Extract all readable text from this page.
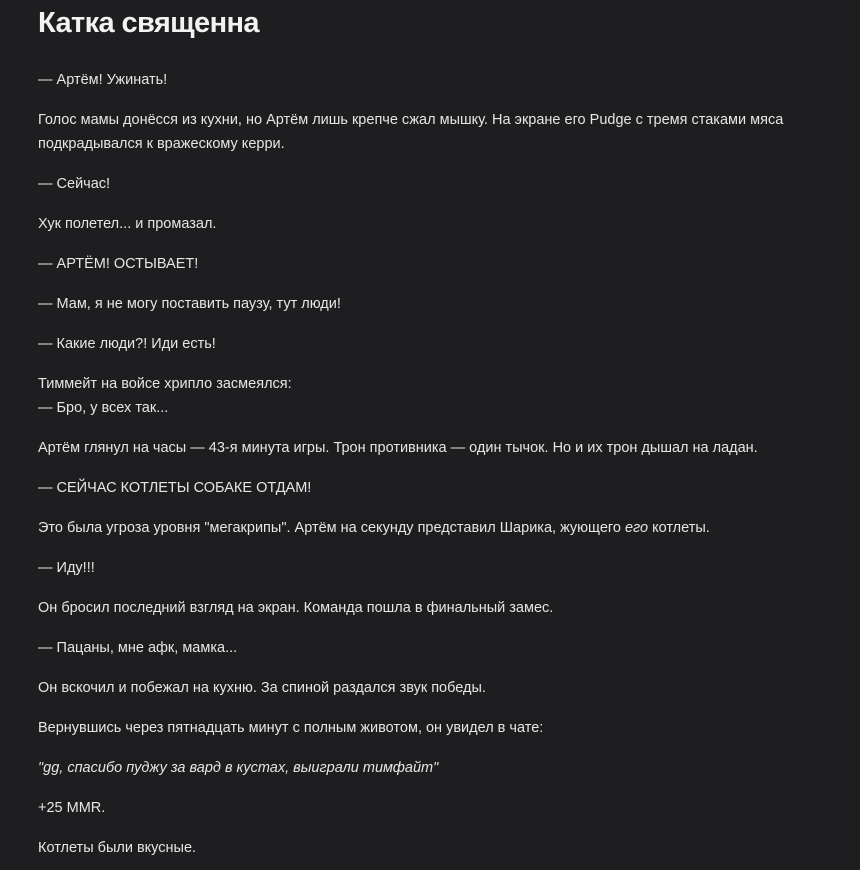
Катка священна

— Артём! Ужинать!

Голос мамы донёсся из кухни, но Артём лишь крепче сжал мышку. На экране его Pudge с тремя стаками мяса подкрадывался к вражескому керри.

— Сейчас!

Хук полетел... и промазал.

— АРТЁМ! ОСТЫВАЕТ!

— Мам, я не могу поставить паузу, тут люди!

— Какие люди?! Иди есть!

Тиммейт на войсе хрипло засмеялся:
— Бро, у всех так...

Артём глянул на часы — 43-я минута игры. Трон противника — один тычок. Но и их трон дышал на ладан.

— СЕЙЧАС КОТЛЕТЫ СОБАКЕ ОТДАМ!

Это была угроза уровня "мегакрипы". Артём на секунду представил Шарика, жующего его котлеты.

— Иду!!!

Он бросил последний взгляд на экран. Команда пошла в финальный замес.

— Пацаны, мне афк, мамка...

Он вскочил и побежал на кухню. За спиной раздался звук победы.

Вернувшись через пятнадцать минут с полным животом, он увидел в чате:

"gg, спасибо пуджу за вард в кустах, выиграли тимфайт"

+25 MMR.

Котлеты были вкусные.
